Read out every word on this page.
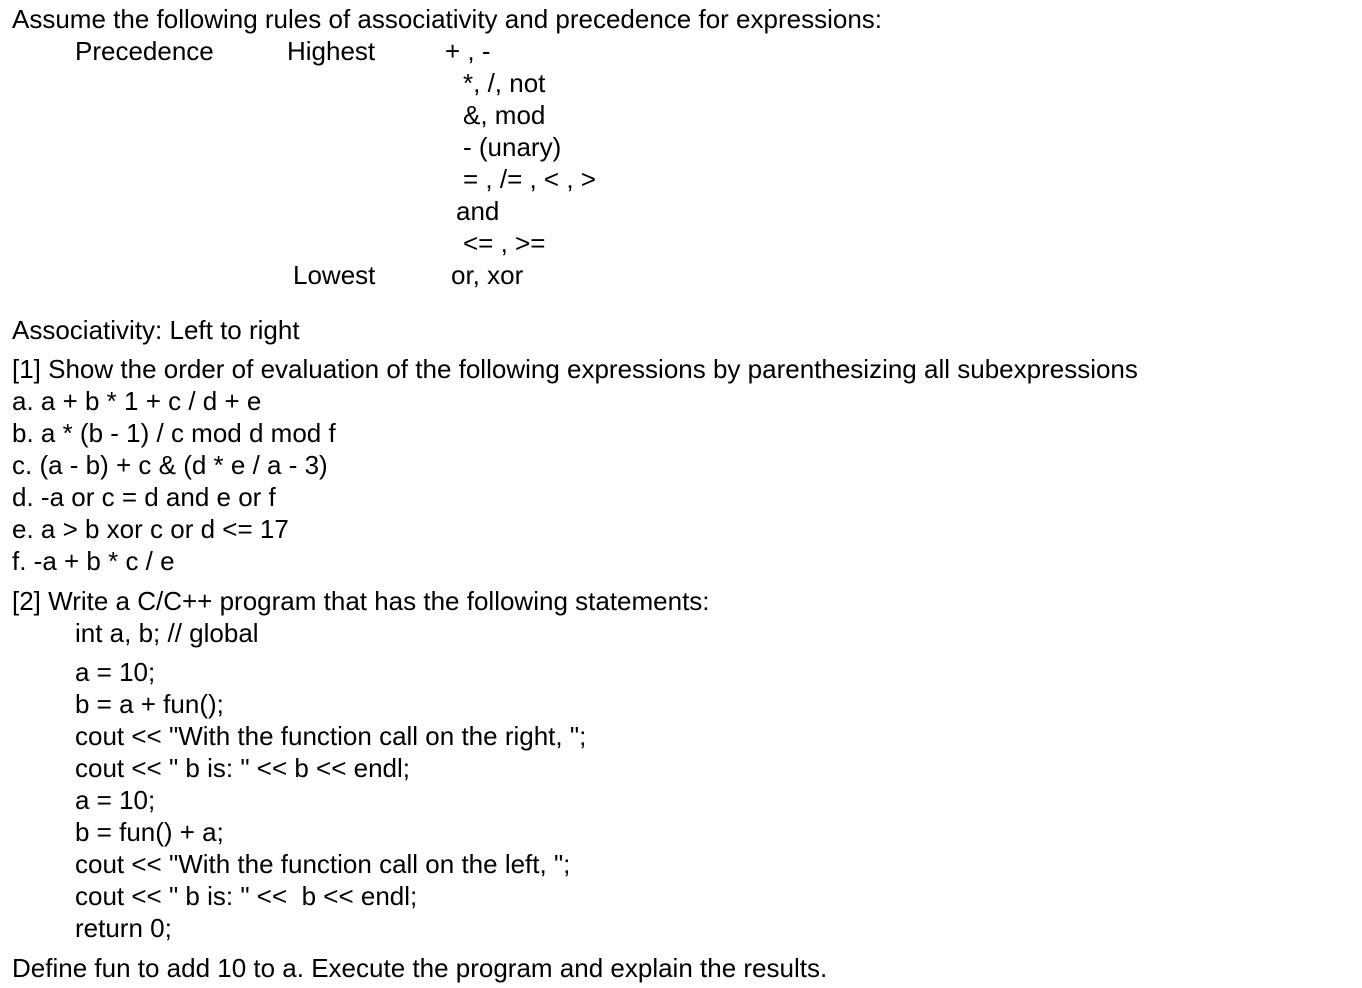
Assume the following rules of associativity and precedence for expressions:

Precedence	Highest	+ , -

*, /, not

&, mod

- (unary)

= , /= , < , >

and

<= , >=

Lowest	or, xor

Associativity: Left to right

[1] Show the order of evaluation of the following expressions by parenthesizing all subexpressions

a. a + b * 1 + c / d + e

b. a * (b - 1) / c mod d mod f

c. (a - b) + c & (d * e / a - 3)

d. -a or c = d and e or f

e. a > b xor c or d <= 17

f. -a + b * c / e

[2] Write a C/C++ program that has the following statements:

int a, b; // global

a = 10;

b = a + fun();

cout << "With the function call on the right, ";

cout << " b is: " << b << endl;

a = 10;

b = fun() + a;

cout << "With the function call on the left, ";

cout << " b is: " <<  b << endl;

return 0;

Define fun to add 10 to a. Execute the program and explain the results.
